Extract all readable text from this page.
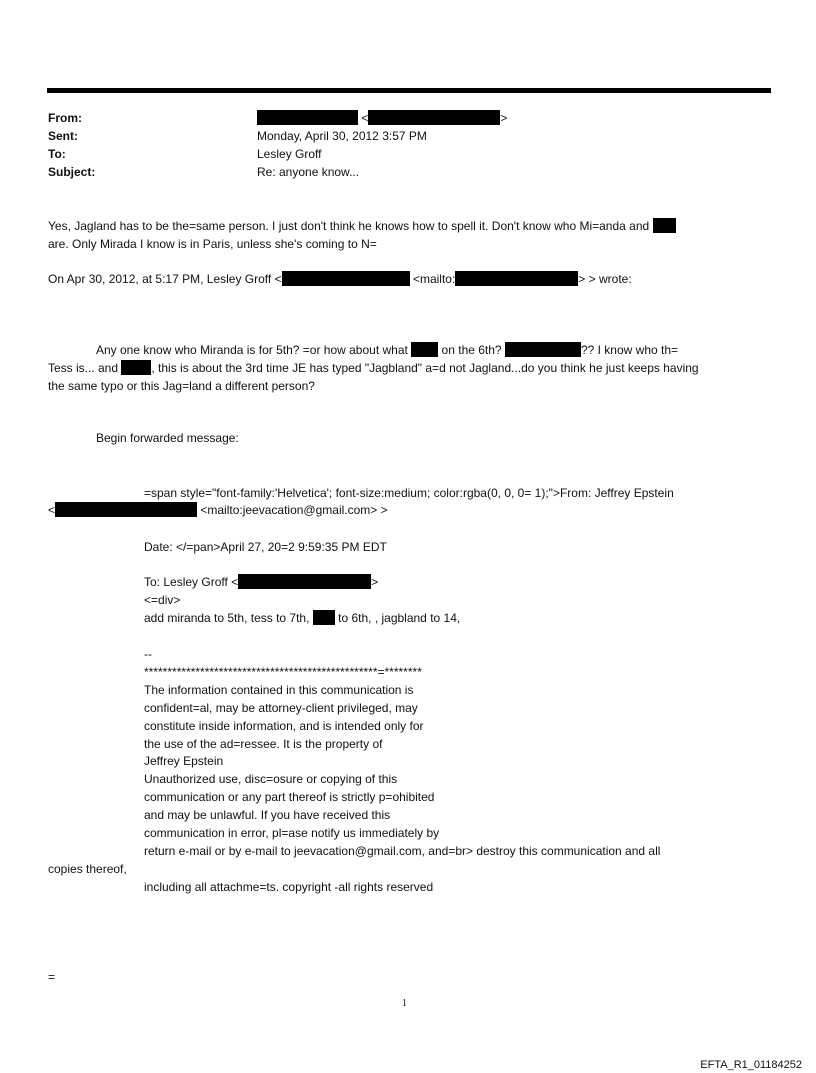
From:	<	>
Sent:	Monday, April 30, 2012 3:57 PM
To:	Lesley Groff
Subject:	Re: anyone know...
Yes, Jagland has to be the=same person. I just don't think he knows how to spell it. Don't know who Mi=anda and
are. Only Mirada I know is in Paris, unless she's coming to N=
On Apr 30, 2012, at 5:17 PM, Lesley Groff <	<mailto:	> > wrote:
Any one know who Miranda is for 5th? =or how about what	on the 6th?	?? I know who th=
Tess is... and	, this is about the 3rd time JE has typed "Jagbland" a=d not Jagland...do you think he just keeps having
the same typo or this Jag=land a different person?
Begin forwarded message:
=span style="font-family:'Helvetica'; font-size:medium; color:rgba(0, 0, 0= 1);">From: Jeffrey Epstein
<	<mailto:jeevacation@gmail.com> >
Date: </=pan>April 27, 20=2 9:59:35 PM EDT
To: Lesley Groff <	>
<=div>
add miranda to 5th, tess to 7th, to 6th, , jagbland to 14,
--
**************************************************=********
The information contained in this communication is
confident=al, may be attorney-client privileged, may
constitute inside information, and is intended only for
the use of the ad=ressee. It is the property of
Jeffrey Epstein
Unauthorized use, disc=osure or copying of this
communication or any part thereof is strictly p=ohibited
and may be unlawful. If you have received this
communication in error, pl=ase notify us immediately by
return e-mail or by e-mail to jeevacation@gmail.com, and=br> destroy this communication and all
copies thereof,
including all attachme=ts. copyright -all rights reserved
=
1
EFTA_R1_01184252
